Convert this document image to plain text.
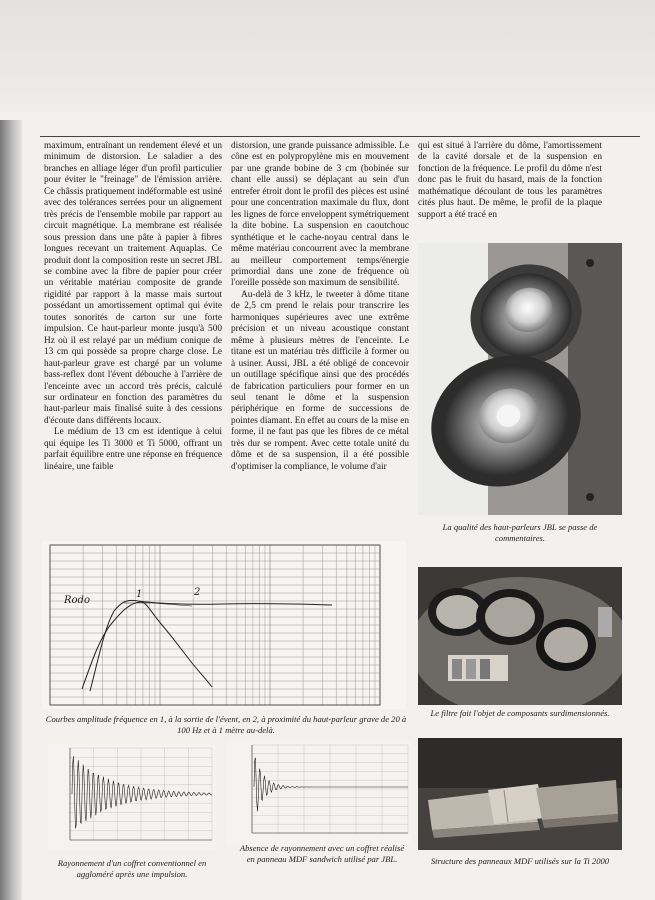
maximum, entraînant un rendement élevé et un minimum de distorsion. Le saladier a des branches en alliage léger d'un profil particulier pour éviter le "freinage" de l'émission arrière. Ce châssis pratiquement indéformable est usiné avec des tolérances serrées pour un alignement très précis de l'ensemble mobile par rapport au circuit magnétique. La membrane est réalisée sous pression dans une pâte à papier à fibres longues recevant un traitement Aquaplas. Ce produit dont la composition reste un secret JBL se combine avec la fibre de papier pour créer un véritable matériau composite de grande rigidité par rapport à la masse mais surtout possédant un amortissement optimal qui évite toutes sonorités de carton sur une forte impulsion. Ce haut-parleur monte jusqu'à 500 Hz où il est relayé par un médium conique de 13 cm qui possède sa propre charge close. Le haut-parleur grave est chargé par un volume bass-reflex dont l'évent débouche à l'arrière de l'enceinte avec un accord très précis, calculé sur ordinateur en fonction des paramètres du haut-parleur mais finalisé suite à des cessions d'écoute dans différents locaux.

Le médium de 13 cm est identique à celui qui équipe les Ti 3000 et Ti 5000, offrant un parfait équilibre entre une réponse en fréquence linéaire, une faible

distorsion, une grande puissance admissible. Le cône est en polypropylène mis en mouvement par une grande bobine de 3 cm (bobinée sur chant elle aussi) se déplaçant au sein d'un entrefer étroit dont le profil des pièces est usiné pour une concentration maximale du flux, dont les lignes de force enveloppent symétriquement la dite bobine. La suspension en caoutchouc synthétique et le cache-noyau central dans le même matériau concourrent avec la membrane au meilleur comportement temps/énergie primordial dans une zone de fréquence où l'oreille possède son maximum de sensibilité.

Au-delà de 3 kHz, le tweeter à dôme titane de 2,5 cm prend le relais pour transcrire les harmoniques supérieures avec une extrême précision et un niveau acoustique constant même à plusieurs mètres de l'enceinte. Le titane est un matériau très difficile à former ou à usiner. Aussi, JBL a été obligé de concevoir un outillage spécifique ainsi que des procédés de fabrication particuliers pour former en un seul tenant le dôme et la suspension périphérique en forme de successions de pointes diamant. En effet au cours de la mise en forme, il ne faut pas que les fibres de ce métal très dur se rompent. Avec cette totale unité du dôme et de sa suspension, il a été possible d'optimiser la compliance, le volume d'air

qui est situé à l'arrière du dôme, l'amortissement de la cavité dorsale et de la suspension en fonction de la fréquence. Le profil du dôme n'est donc pas le fruit du hasard, mais de la fonction mathématique découlant de tous les paramètres cités plus haut. De même, le profil de la plaque support a été tracé en

La qualité des haut-parleurs JBL se passe de commentaires.
Le filtre fait l'objet de composants surdimensionnés.
Structure des panneaux MDF utilisés sur la Ti 2000
Rodo
1	2
Courbes amplitude fréquence en 1, à la sortie de l'évent, en 2, à proximité du haut-parleur grave de 20 à 100 Hz et à 1 mètre au-delà.
Rayonnement d'un coffret conventionnel en aggloméré après une impulsion.
Absence de rayonnement avec un coffret réalisé en panneau MDF sandwich utilisé par JBL.
